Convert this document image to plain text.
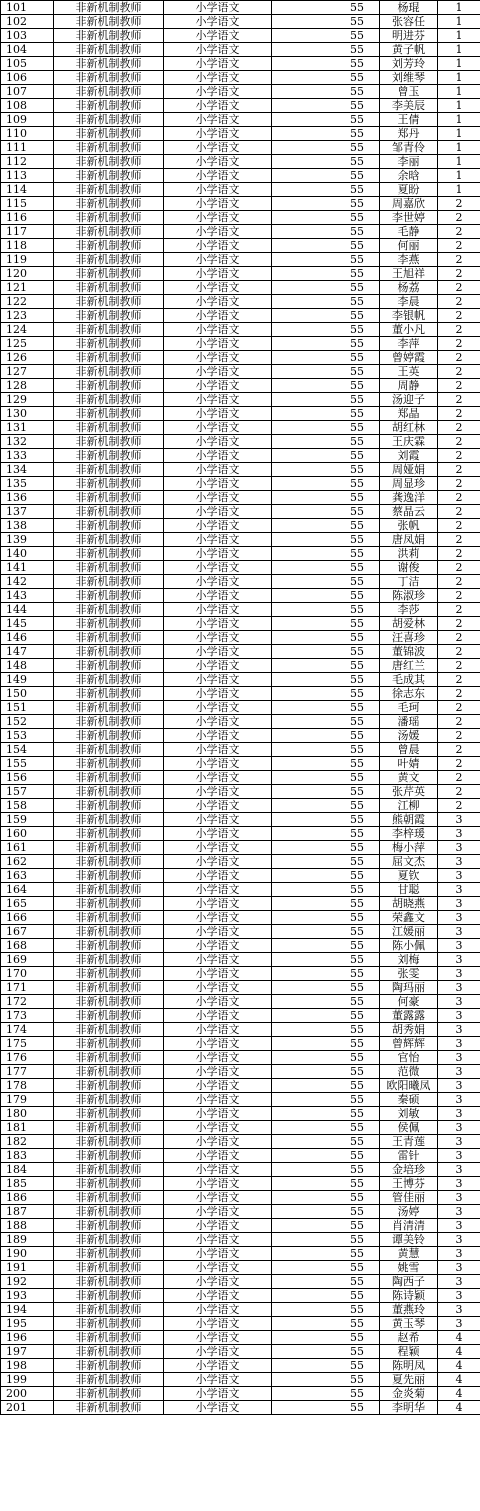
101	非新机制教师	小学语文	55	杨琨	1
102	非新机制教师	小学语文	55	张容任	1
103	非新机制教师	小学语文	55	明进芬	1
104	非新机制教师	小学语文	55	黄子帆	1
105	非新机制教师	小学语文	55	刘芳玲	1
106	非新机制教师	小学语文	55	刘维琴	1
107	非新机制教师	小学语文	55	曾玉	1
108	非新机制教师	小学语文	55	李美辰	1
109	非新机制教师	小学语文	55	王倩	1
110	非新机制教师	小学语文	55	郑丹	1
111	非新机制教师	小学语文	55	邹青伶	1
112	非新机制教师	小学语文	55	李丽	1
113	非新机制教师	小学语文	55	余晗	1
114	非新机制教师	小学语文	55	夏盼	1
115	非新机制教师	小学语文	55	周嘉欣	2
116	非新机制教师	小学语文	55	李世婷	2
117	非新机制教师	小学语文	55	毛静	2
118	非新机制教师	小学语文	55	何丽	2
119	非新机制教师	小学语文	55	李燕	2
120	非新机制教师	小学语文	55	王旭祥	2
121	非新机制教师	小学语文	55	杨荔	2
122	非新机制教师	小学语文	55	李晨	2
123	非新机制教师	小学语文	55	李银帆	2
124	非新机制教师	小学语文	55	董小凡	2
125	非新机制教师	小学语文	55	李萍	2
126	非新机制教师	小学语文	55	曾婷霞	2
127	非新机制教师	小学语文	55	王英	2
128	非新机制教师	小学语文	55	周静	2
129	非新机制教师	小学语文	55	汤迎子	2
130	非新机制教师	小学语文	55	郑晶	2
131	非新机制教师	小学语文	55	胡红林	2
132	非新机制教师	小学语文	55	王庆霖	2
133	非新机制教师	小学语文	55	刘霞	2
134	非新机制教师	小学语文	55	周娅娟	2
135	非新机制教师	小学语文	55	周显珍	2
136	非新机制教师	小学语文	55	龚逸洋	2
137	非新机制教师	小学语文	55	蔡晶云	2
138	非新机制教师	小学语文	55	张帆	2
139	非新机制教师	小学语文	55	唐凤娟	2
140	非新机制教师	小学语文	55	洪莉	2
141	非新机制教师	小学语文	55	谢俊	2
142	非新机制教师	小学语文	55	丁洁	2
143	非新机制教师	小学语文	55	陈淑珍	2
144	非新机制教师	小学语文	55	李莎	2
145	非新机制教师	小学语文	55	胡爱林	2
146	非新机制教师	小学语文	55	汪喜珍	2
147	非新机制教师	小学语文	55	董锦波	2
148	非新机制教师	小学语文	55	唐红兰	2
149	非新机制教师	小学语文	55	毛成其	2
150	非新机制教师	小学语文	55	徐志东	2
151	非新机制教师	小学语文	55	毛珂	2
152	非新机制教师	小学语文	55	潘瑶	2
153	非新机制教师	小学语文	55	汤媛	2
154	非新机制教师	小学语文	55	曾晨	2
155	非新机制教师	小学语文	55	叶婧	2
156	非新机制教师	小学语文	55	黄文	2
157	非新机制教师	小学语文	55	张芹英	2
158	非新机制教师	小学语文	55	江柳	2
159	非新机制教师	小学语文	55	熊朝霞	3
160	非新机制教师	小学语文	55	李梓瑗	3
161	非新机制教师	小学语文	55	梅小萍	3
162	非新机制教师	小学语文	55	屈文杰	3
163	非新机制教师	小学语文	55	夏钦	3
164	非新机制教师	小学语文	55	甘聪	3
165	非新机制教师	小学语文	55	胡晓燕	3
166	非新机制教师	小学语文	55	荣鑫文	3
167	非新机制教师	小学语文	55	江媛丽	3
168	非新机制教师	小学语文	55	陈小佩	3
169	非新机制教师	小学语文	55	刘梅	3
170	非新机制教师	小学语文	55	张雯	3
171	非新机制教师	小学语文	55	陶玛丽	3
172	非新机制教师	小学语文	55	何豪	3
173	非新机制教师	小学语文	55	董露露	3
174	非新机制教师	小学语文	55	胡秀娟	3
175	非新机制教师	小学语文	55	曾辉辉	3
176	非新机制教师	小学语文	55	官怡	3
177	非新机制教师	小学语文	55	范微	3
178	非新机制教师	小学语文	55	欧阳曦凤	3
179	非新机制教师	小学语文	55	秦硕	3
180	非新机制教师	小学语文	55	刘敏	3
181	非新机制教师	小学语文	55	侯佩	3
182	非新机制教师	小学语文	55	王青莲	3
183	非新机制教师	小学语文	55	雷针	3
184	非新机制教师	小学语文	55	金培珍	3
185	非新机制教师	小学语文	55	王博芬	3
186	非新机制教师	小学语文	55	管佳丽	3
187	非新机制教师	小学语文	55	汤婷	3
188	非新机制教师	小学语文	55	肖清清	3
189	非新机制教师	小学语文	55	谭美铃	3
190	非新机制教师	小学语文	55	黄慧	3
191	非新机制教师	小学语文	55	姚雪	3
192	非新机制教师	小学语文	55	陶西子	3
193	非新机制教师	小学语文	55	陈诗颖	3
194	非新机制教师	小学语文	55	董燕玲	3
195	非新机制教师	小学语文	55	黄玉琴	3
196	非新机制教师	小学语文	55	赵希	4
197	非新机制教师	小学语文	55	程颖	4
198	非新机制教师	小学语文	55	陈明凤	4
199	非新机制教师	小学语文	55	夏先丽	4
200	非新机制教师	小学语文	55	金炎菊	4
201	非新机制教师	小学语文	55	李明华	4
